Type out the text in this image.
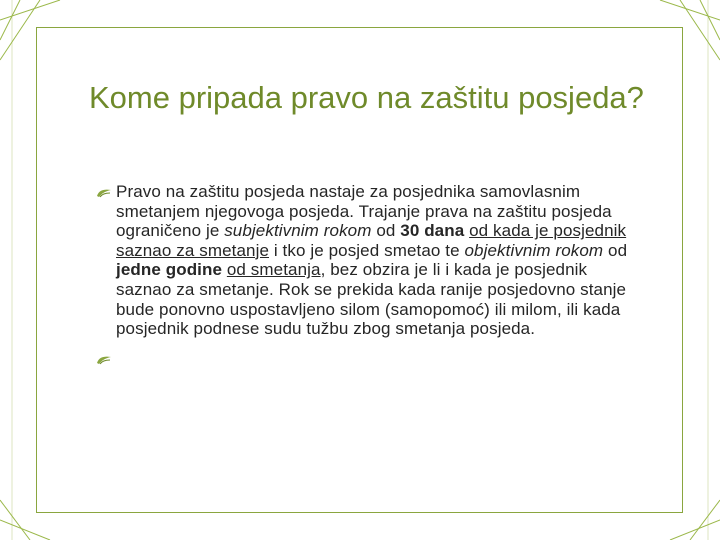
Kome pripada pravo na zaštitu posjeda?
Pravo na zaštitu posjeda nastaje za posjednika samovlasnim smetanjem njegovoga posjeda. Trajanje prava na zaštitu posjeda ograničeno je subjektivnim rokom od 30 dana od kada je posjednik saznao za smetanje i tko je posjed smetao te objektivnim rokom od jedne godine od smetanja, bez obzira je li i kada je posjednik saznao za smetanje. Rok se prekida kada ranije posjedovno stanje bude ponovno uspostavljeno silom (samopomoć) ili milom, ili kada posjednik podnese sudu tužbu zbog smetanja posjeda.
